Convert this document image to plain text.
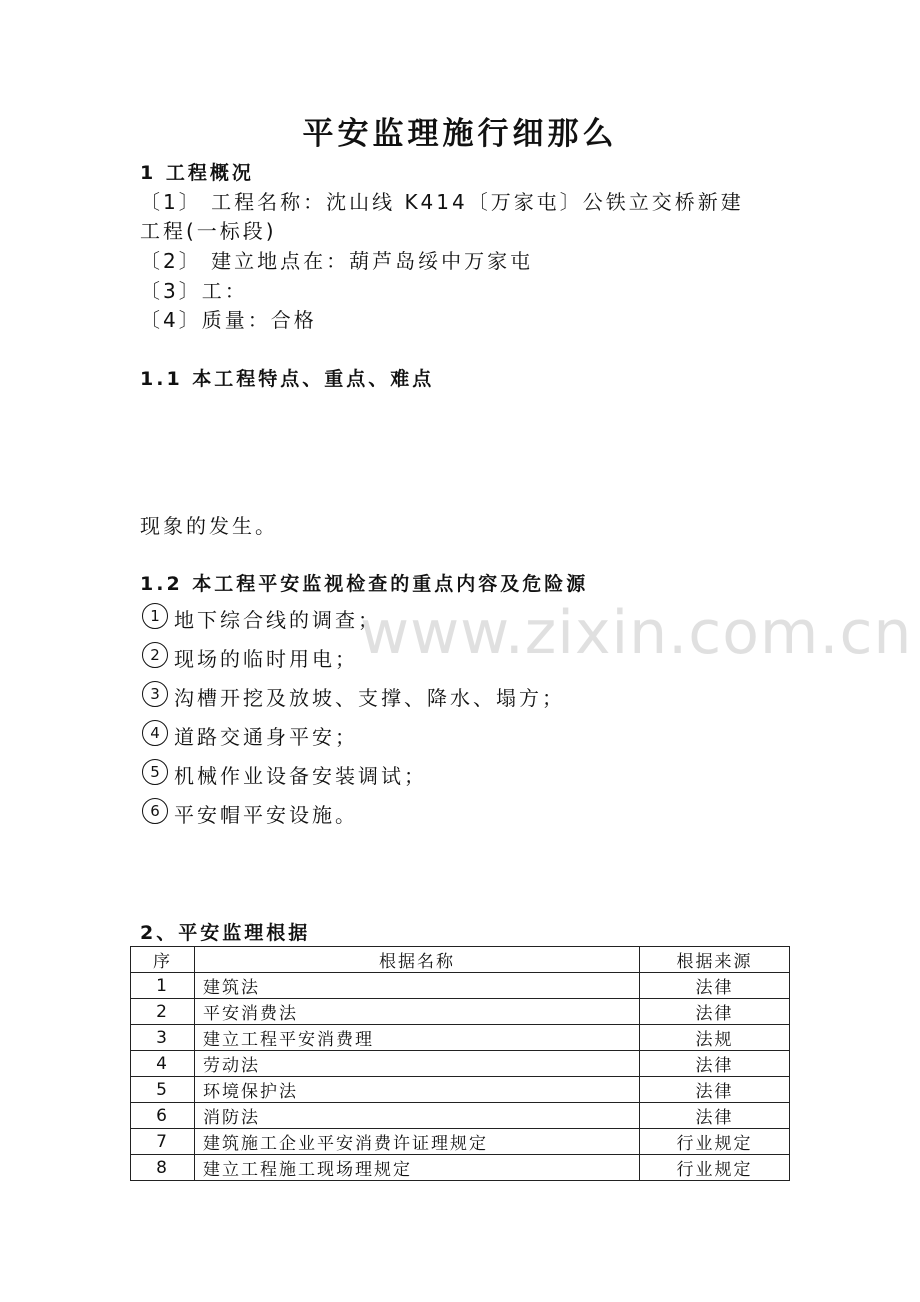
平安监理施行细那么
1 工程概况
〔1〕 工程名称：沈山线 K414〔万家屯〕公铁立交桥新建
工程(一标段)
〔2〕 建立地点在：葫芦岛绥中万家屯
〔3〕工：
〔4〕质量：合格
1.1 本工程特点、重点、难点
现象的发生。
1.2 本工程平安监视检查的重点内容及危险源
1 地下综合线的调查；
2 现场的临时用电；
3 沟槽开挖及放坡、支撑、降水、塌方；
4 道路交通身平安；
5 机械作业设备安装调试；
6 平安帽平安设施。
www.zixin.com.cn
2、平安监理根据
序	根据名称	根据来源
1	建筑法	法律
2	平安消费法	法律
3	建立工程平安消费理	法规
4	劳动法	法律
5	环境保护法	法律
6	消防法	法律
7	建筑施工企业平安消费许证理规定	行业规定
8	建立工程施工现场理规定	行业规定
